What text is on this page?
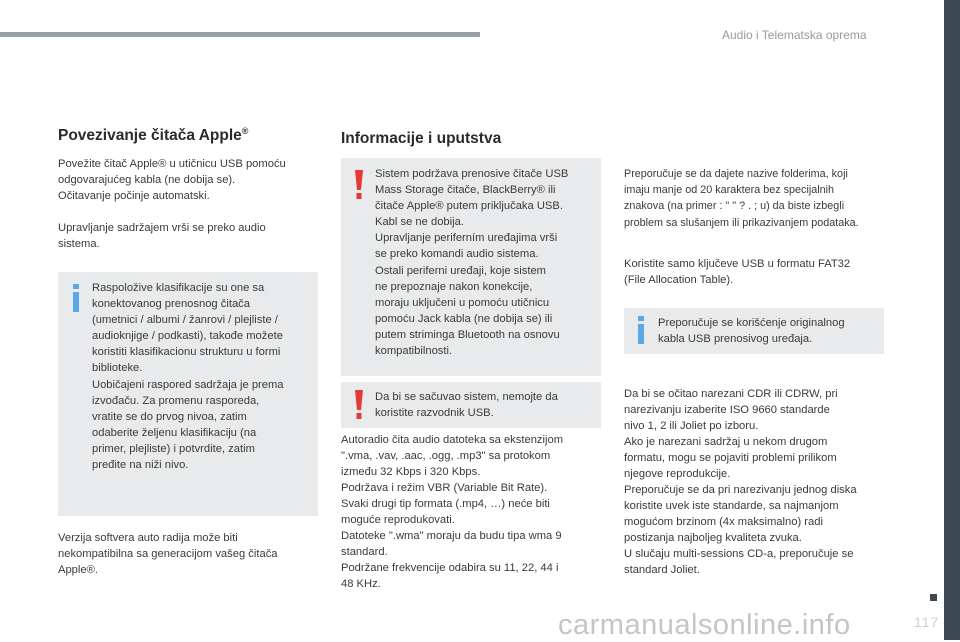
Audio i Telematska oprema
117
Povezivanje čitača Apple®

Povežite čitač Apple® u utičnicu USB pomoću
odgovarajućeg kabla (ne dobija se).
Očitavanje počinje automatski.

Upravljanje sadržajem vrši se preko audio
sistema.

Raspoložive klasifikacije su one sa
konektovanog prenosnog čitača
(umetnici / albumi / žanrovi / plejliste /
audioknjige / podkasti), takođe možete
koristiti klasifikacionu strukturu u formi
biblioteke.
Uobičajeni raspored sadržaja je prema
izvođaču. Za promenu rasporeda,
vratite se do prvog nivoa, zatim
odaberite željenu klasifikaciju (na
primer, plejliste) i potvrdite, zatim
pređite na niži nivo.

Verzija softvera auto radija može biti
nekompatibilna sa generacijom vašeg čitača
Apple®.

Informacije i uputstva
Sistem podržava prenosive čitače USB
Mass Storage čitače, BlackBerry® ili
čitače Apple® putem priključaka USB.
Kabl se ne dobija.
Upravljanje periferním uređajima vrši
se preko komandi audio sistema.
Ostali periferni uređaji, koje sistem
ne prepoznaje nakon konekcije,
moraju uključeni u pomoću utičnicu
pomoću Jack kabla (ne dobija se) ili
putem striminga Bluetooth na osnovu
kompatibilnosti.
Da bi se sačuvao sistem, nemojte da
koristite razvodnik USB.

Autoradio čita audio datoteka sa ekstenzijom
".vma, .vav, .aac, .ogg, .mp3" sa protokom
između 32 Kbps i 320 Kbps.
Podržava i režim VBR (Variable Bit Rate).
Svaki drugi tip formata (.mp4, …) neće biti
moguće reprodukovati.
Datoteke ".wma" moraju da budu tipa wma 9
standard.
Podržane frekvencije odabira su 11, 22, 44 i
48 KHz.

Preporučuje se da dajete nazive folderima, koji
imaju manje od 20 karaktera bez specijalnih
znakova (na primer : " " ? . ; u) da biste izbegli
problem sa slušanjem ili prikazivanjem podataka.

Koristite samo ključeve USB u formatu FAT32
(File Allocation Table).

Preporučuje se korišćenje originalnog
kabla USB prenosivog uređaja.

Da bi se očitao narezani CDR ili CDRW, pri
narezivanju izaberite ISO 9660 standarde
nivo 1, 2 ili Joliet po izboru.
Ako je narezani sadržaj u nekom drugom
formatu, mogu se pojaviti problemi prilikom
njegove reprodukcije.
Preporučuje se da pri narezivanju jednog diska
koristite uvek iste standarde, sa najmanjom
mogućom brzinom (4x maksimalno) radi
postizanja najboljeg kvaliteta zvuka.
U slučaju multi-sessions CD-a, preporučuje se
standard Joliet.

carmanualsonline.info
